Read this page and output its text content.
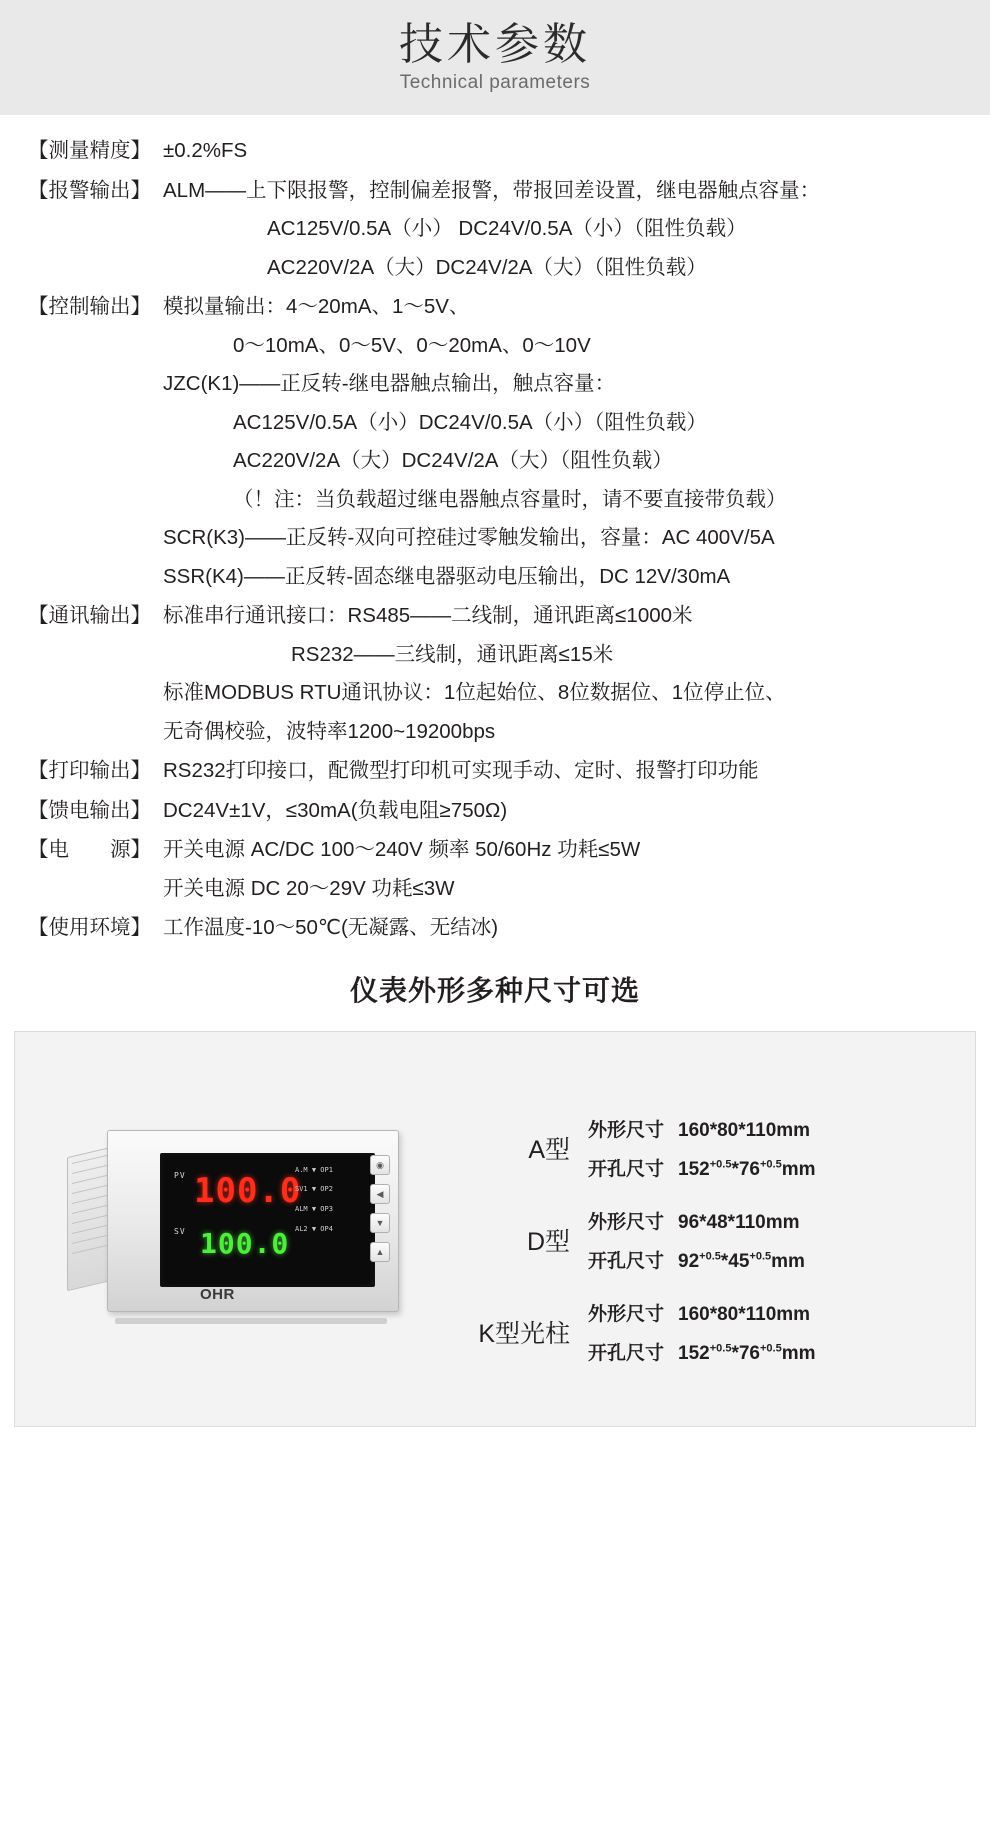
技术参数
Technical parameters
【测量精度】 ±0.2%FS
【报警输出】 ALM——上下限报警，控制偏差报警，带报回差设置，继电器触点容量：
AC125V/0.5A（小） DC24V/0.5A（小）（阻性负载）
AC220V/2A（大）DC24V/2A（大）（阻性负载）
【控制输出】 模拟量输出：4～20mA、1～5V、
0～10mA、0～5V、0～20mA、0～10V
JZC(K1)——正反转-继电器触点输出，触点容量：
AC125V/0.5A（小）DC24V/0.5A（小）（阻性负载）
AC220V/2A（大）DC24V/2A（大）（阻性负载）
（！注：当负载超过继电器触点容量时，请不要直接带负载）
SCR(K3)——正反转-双向可控硅过零触发输出，容量：AC 400V/5A
SSR(K4)——正反转-固态继电器驱动电压输出，DC 12V/30mA
【通讯输出】 标准串行通讯接口：RS485——二线制，通讯距离≤1000米
RS232——三线制，通讯距离≤15米
标准MODBUS RTU通讯协议：1位起始位、8位数据位、1位停止位、
无奇偶校验，波特率1200~19200bps
【打印输出】 RS232打印接口，配微型打印机可实现手动、定时、报警打印功能
【馈电输出】 DC24V±1V，≤30mA(负载电阻≥750Ω)
【电　　源】 开关电源 AC/DC 100～240V 频率 50/60Hz 功耗≤5W
开关电源 DC 20～29V 功耗≤3W
【使用环境】 工作温度-10～50℃(无凝露、无结冰)
仪表外形多种尺寸可选
PV 100.0
SV 100.0
A.M ▼ OP1
SV1 ▼ OP2
ALM ▼ OP3
AL2 ▼ OP4
◉
◀
▼
▲
OHR
A型
外形尺寸 160*80*110mm
开孔尺寸 $152^{+0.5}*76^{+0.5}mm$
D型
外形尺寸 96*48*110mm
开孔尺寸 $92^{+0.5}*45^{+0.5}mm$
K型光柱
外形尺寸 160*80*110mm
开孔尺寸 $152^{+0.5}*76^{+0.5}mm$
